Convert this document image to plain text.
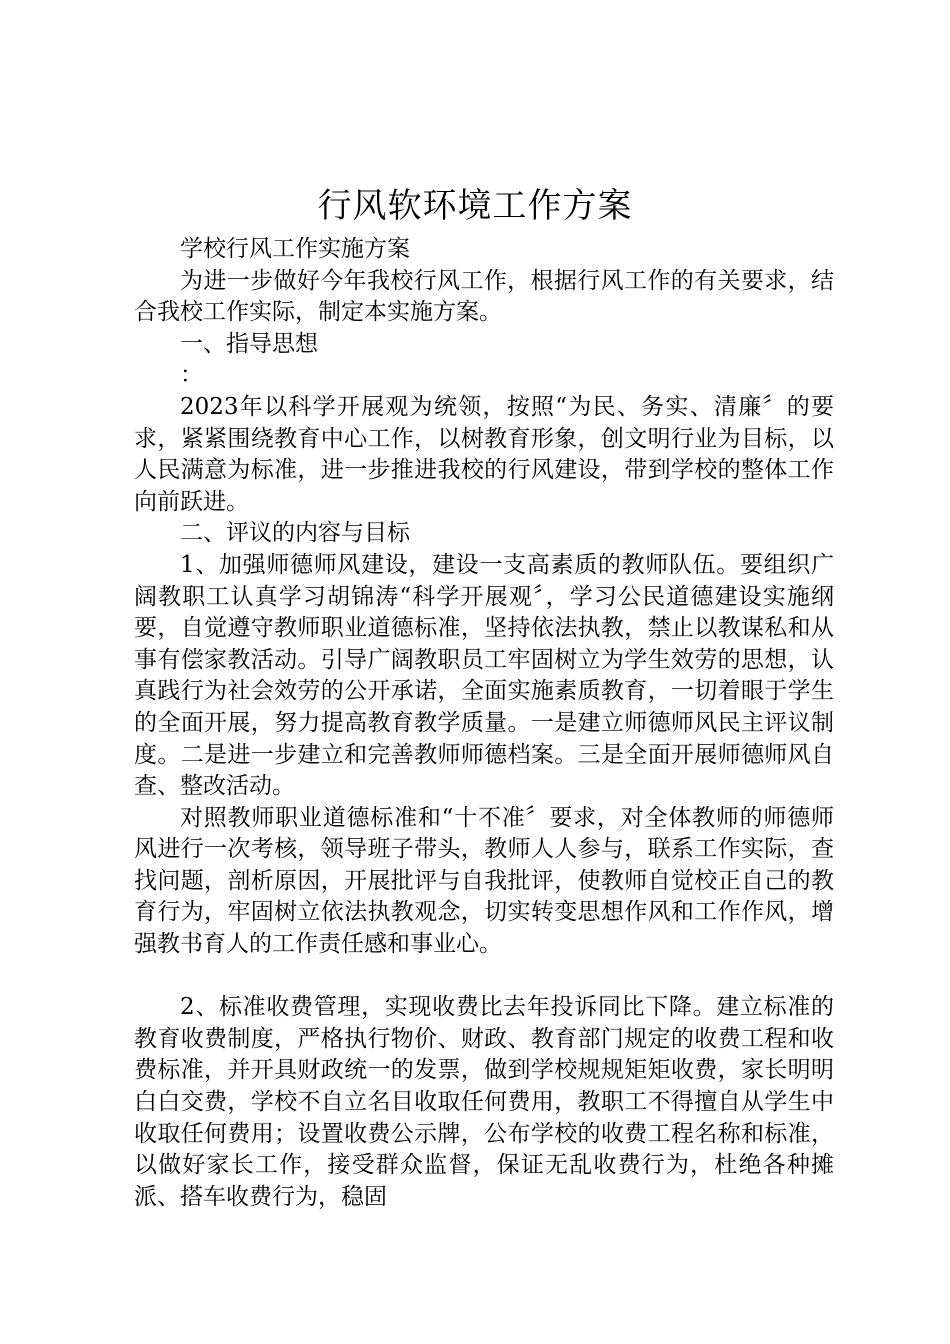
行风软环境工作方案

学校行风工作实施方案

为进一步做好今年我校行风工作，根据行风工作的有关要求，结合我校工作实际，制定本实施方案。

一、指导思想

：

2023年以科学开展观为统领，按照“为民、务实、清廉〞的要求，紧紧围绕教育中心工作，以树教育形象，创文明行业为目标，以人民满意为标准，进一步推进我校的行风建设，带到学校的整体工作向前跃进。

二、评议的内容与目标

1、加强师德师风建设，建设一支高素质的教师队伍。要组织广阔教职工认真学习胡锦涛“科学开展观〞，学习公民道德建设实施纲要，自觉遵守教师职业道德标准，坚持依法执教，禁止以教谋私和从事有偿家教活动。引导广阔教职员工牢固树立为学生效劳的思想，认真践行为社会效劳的公开承诺，全面实施素质教育，一切着眼于学生的全面开展，努力提高教育教学质量。一是建立师德师风民主评议制度。二是进一步建立和完善教师师德档案。三是全面开展师德师风自查、整改活动。

对照教师职业道德标准和“十不准〞要求，对全体教师的师德师风进行一次考核，领导班子带头，教师人人参与，联系工作实际，查找问题，剖析原因，开展批评与自我批评，使教师自觉校正自己的教育行为，牢固树立依法执教观念，切实转变思想作风和工作作风，增强教书育人的工作责任感和事业心。

2、标准收费管理，实现收费比去年投诉同比下降。建立标准的教育收费制度，严格执行物价、财政、教育部门规定的收费工程和收费标准，并开具财政统一的发票，做到学校规规矩矩收费，家长明明白白交费，学校不自立名目收取任何费用，教职工不得擅自从学生中收取任何费用；设置收费公示牌，公布学校的收费工程名称和标准，以做好家长工作，接受群众监督，保证无乱收费行为，杜绝各种摊派、搭车收费行为，稳固
